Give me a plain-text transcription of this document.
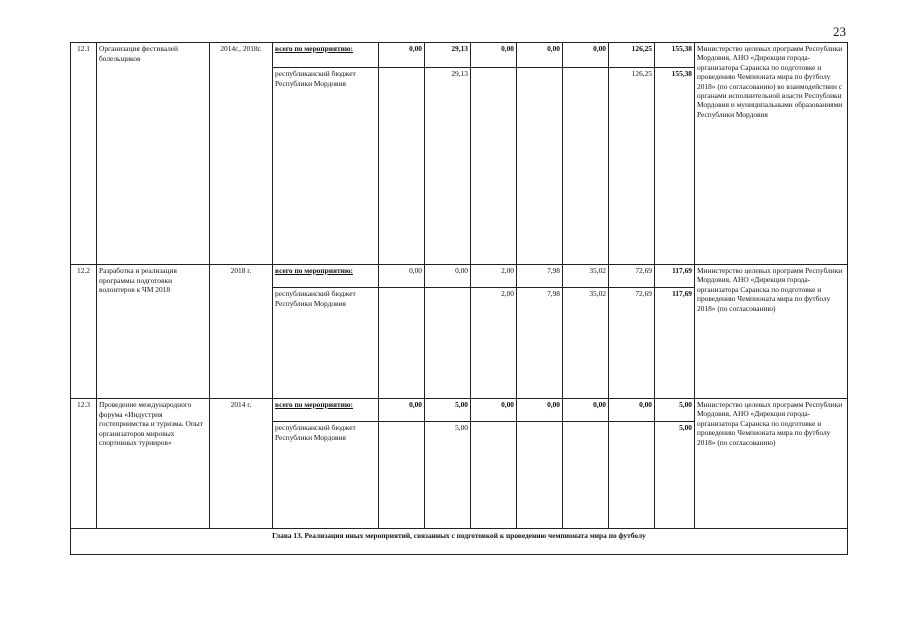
23
12.1	Организация фестивалей болельщиков	2014г., 2018г.	всего по мероприятию:	0,00	29,13	0,00	0,00	0,00	126,25	155,38	Министерство целевых программ Республики Мордовия, АНО «Дирекция города-организатора Саранска по подготовке и проведению Чемпионата мира по футболу 2018» (по согласованию) во взаимодействии с органами исполнительной власти Республики Мордовия и муниципальными образованиями Республики Мордовия
			республиканский бюджет Республики Мордовия		29,13				126,25	155,38	
12.2	Разработка и реализация программы подготовки волонтеров к ЧМ 2018	2018 г.	всего по мероприятию:	0,00	0,00	2,00	7,98	35,02	72,69	117,69	Министерство целевых программ Республики Мордовия, АНО «Дирекция города-организатора Саранска по подготовке и проведению Чемпионата мира по футболу 2018» (по согласованию)
			республиканский бюджет Республики Мордовия			2,00	7,98	35,02	72,69	117,69	
12.3	Проведение международного форума «Индустрия гостеприимства и туризма. Опыт организаторов мировых спортивных турниров»	2014 г.	всего по мероприятию:	0,00	5,00	0,00	0,00	0,00	0,00	5,00	Министерство целевых программ Республики Мордовия, АНО «Дирекция города-организатора Саранска по подготовке и проведению Чемпионата мира по футболу 2018» (по согласованию)
			республиканский бюджет Республики Мордовия		5,00					5,00	
Глава 13. Реализация иных мероприятий, связанных с подготовкой к проведению чемпионата мира по футболу											
